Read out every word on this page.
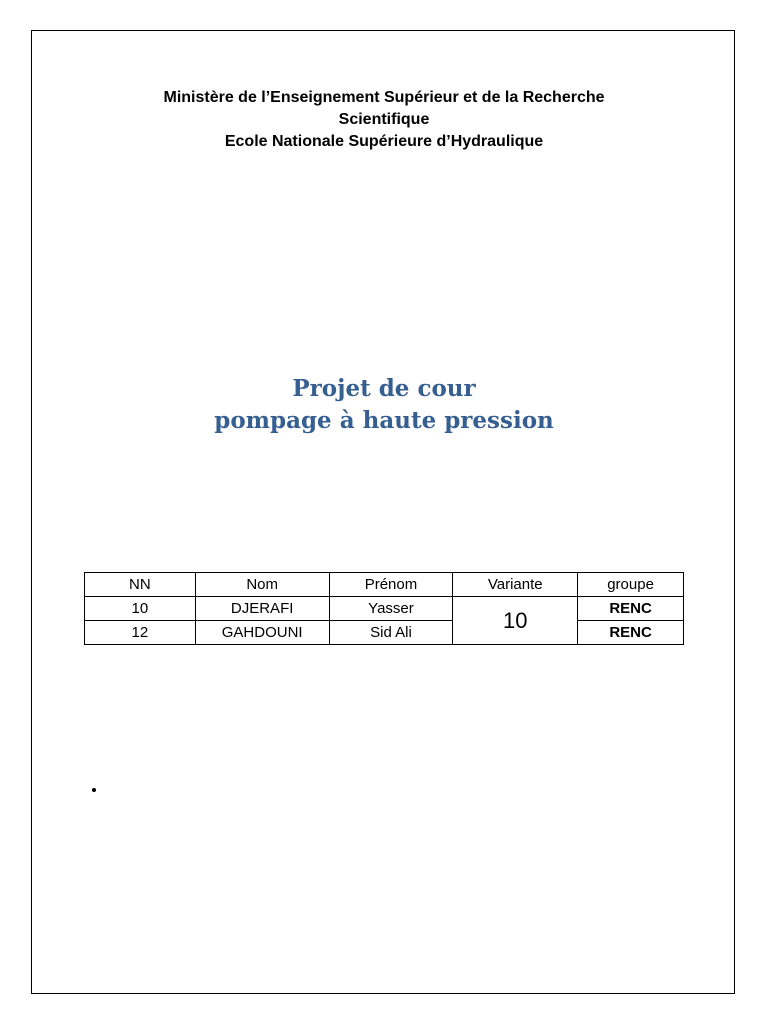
Ministère de l’Enseignement Supérieur et de la Recherche
Scientifique
Ecole Nationale Supérieure d’Hydraulique
Projet de cour
pompage à haute pression
NN	Nom	Prénom	Variante	groupe
10	DJERAFI	Yasser	10	RENC
12	GAHDOUNI	Sid Ali		RENC
